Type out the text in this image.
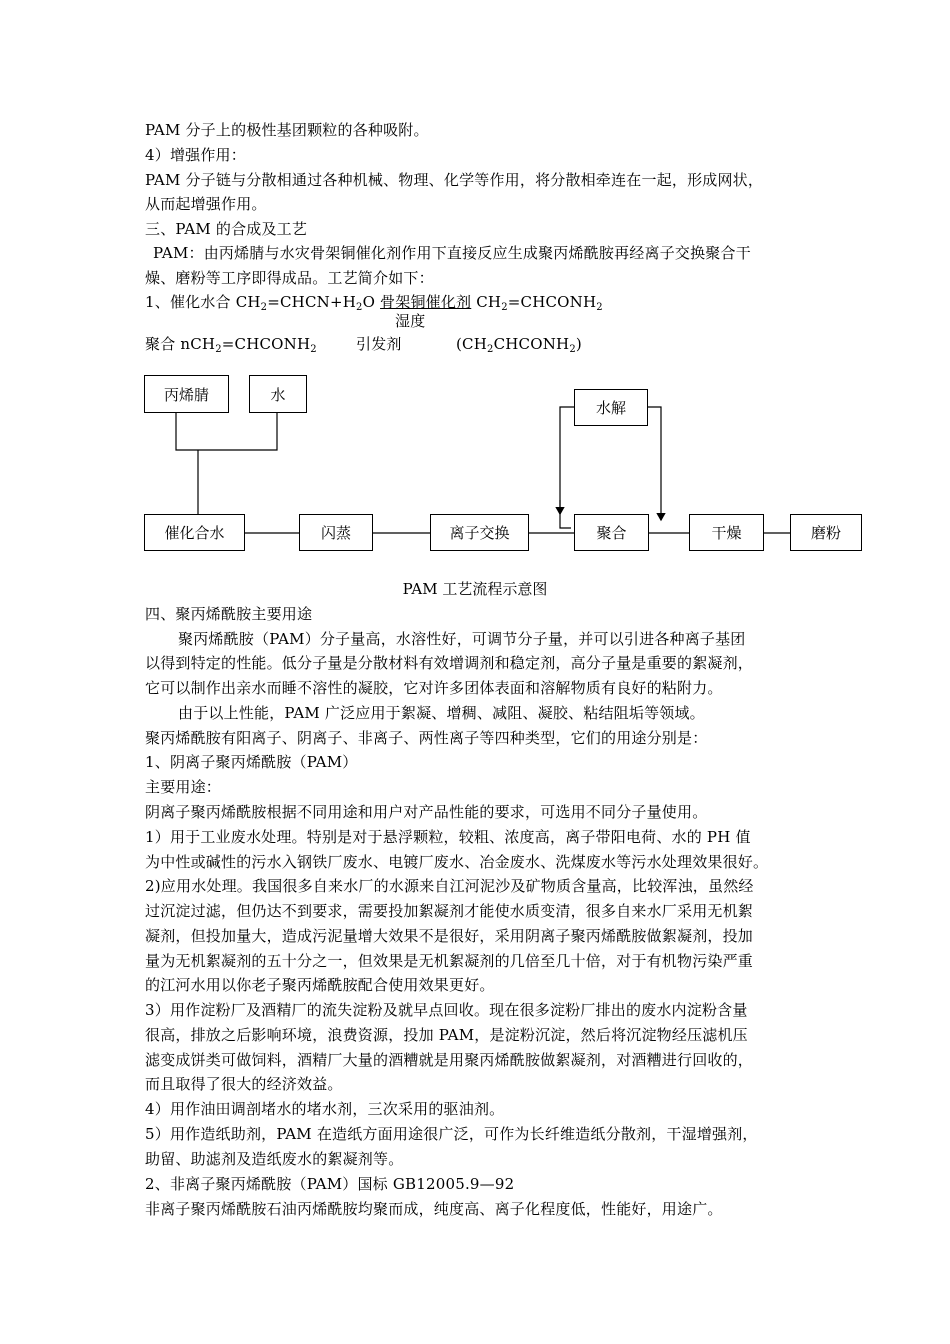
PAM 分子上的极性基团颗粒的各种吸附。
4）增强作用：
PAM 分子链与分散相通过各种机械、物理、化学等作用，将分散相牵连在一起，形成网状，
从而起增强作用。
三、PAM 的合成及工艺
PAM：由丙烯腈与水灾骨架铜催化剂作用下直接反应生成聚丙烯酰胺再经离子交换聚合干
燥、磨粉等工序即得成品。工艺简介如下：
1、催化水合 $CH_2=CHCN+H_2O$ 骨架铜催化剂 $CH_2=CHCONH_2$
湿度
聚合 $nCH_2=CHCONH_2$	引发剂	$(CH_2CHCONH_2)$
丙烯腈	水
水解
催化合水	闪蒸	离子交换	聚合	干燥	磨粉
PAM 工艺流程示意图
四、聚丙烯酰胺主要用途
聚丙烯酰胺（PAM）分子量高，水溶性好，可调节分子量，并可以引进各种离子基团
以得到特定的性能。低分子量是分散材料有效增调剂和稳定剂，高分子量是重要的絮凝剂，
它可以制作出亲水而睡不溶性的凝胶，它对许多团体表面和溶解物质有良好的粘附力。
由于以上性能，PAM 广泛应用于絮凝、增稠、减阻、凝胶、粘结阻垢等领域。
聚丙烯酰胺有阳离子、阴离子、非离子、两性离子等四种类型，它们的用途分别是：
1、阴离子聚丙烯酰胺（PAM）
主要用途：
阴离子聚丙烯酰胺根据不同用途和用户对产品性能的要求，可选用不同分子量使用。
1）用于工业废水处理。特别是对于悬浮颗粒，较粗、浓度高，离子带阳电荷、水的 PH 值
为中性或碱性的污水入钢铁厂废水、电镀厂废水、冶金废水、洗煤废水等污水处理效果很好。
2)应用水处理。我国很多自来水厂的水源来自江河泥沙及矿物质含量高，比较浑浊，虽然经
过沉淀过滤，但仍达不到要求，需要投加絮凝剂才能使水质变清，很多自来水厂采用无机絮
凝剂，但投加量大，造成污泥量增大效果不是很好，采用阴离子聚丙烯酰胺做絮凝剂，投加
量为无机絮凝剂的五十分之一，但效果是无机絮凝剂的几倍至几十倍，对于有机物污染严重
的江河水用以你老子聚丙烯酰胺配合使用效果更好。
3）用作淀粉厂及酒精厂的流失淀粉及就早点回收。现在很多淀粉厂排出的废水内淀粉含量
很高，排放之后影响环境，浪费资源，投加 PAM，是淀粉沉淀，然后将沉淀物经压滤机压
滤变成饼类可做饲料，酒精厂大量的酒糟就是用聚丙烯酰胺做絮凝剂，对酒糟进行回收的，
而且取得了很大的经济效益。
4）用作油田调剖堵水的堵水剂，三次采用的驱油剂。
5）用作造纸助剂，PAM 在造纸方面用途很广泛，可作为长纤维造纸分散剂，干湿增强剂，
助留、助滤剂及造纸废水的絮凝剂等。
2、非离子聚丙烯酰胺（PAM）国标 GB12005.9—92
非离子聚丙烯酰胺石油丙烯酰胺均聚而成，纯度高、离子化程度低，性能好，用途广。
